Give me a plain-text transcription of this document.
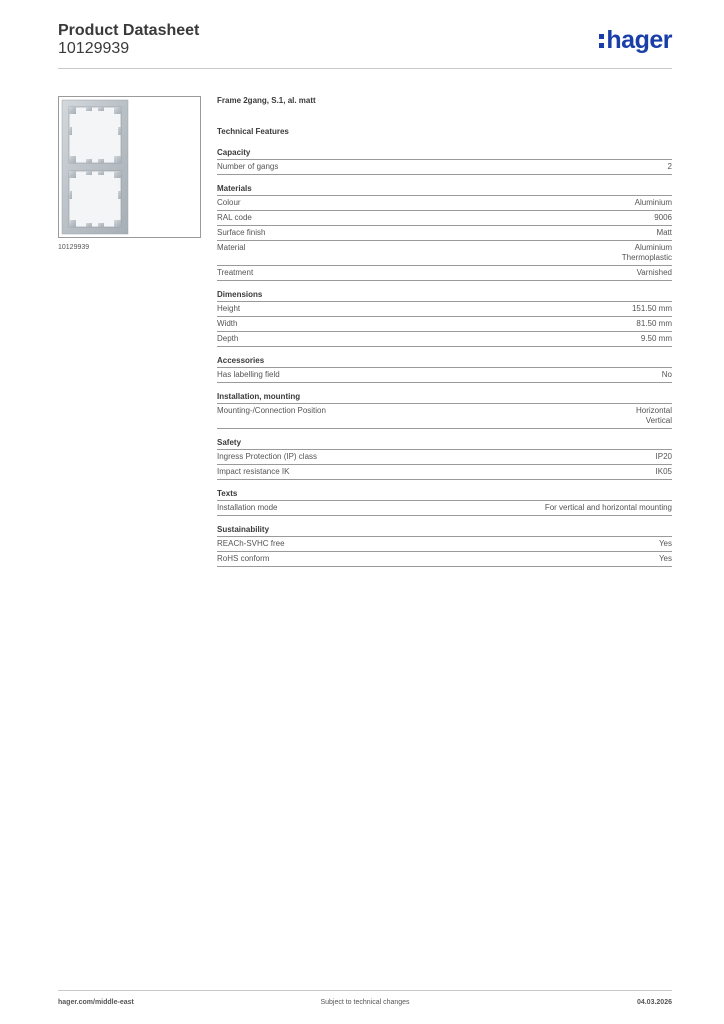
Product Datasheet
10129939	hager
10129939
Frame 2gang, S.1, al. matt
Technical Features
Capacity
Number of gangs	2
Materials
Colour	Aluminium
RAL code	9006
Surface finish	Matt
Material	Aluminium
Thermoplastic
Treatment	Varnished
Dimensions
Height	151.50 mm
Width	81.50 mm
Depth	9.50 mm
Accessories
Has labelling field	No
Installation, mounting
Mounting-/Connection Position	Horizontal
Vertical
Safety
Ingress Protection (IP) class	IP20
Impact resistance IK	IK05
Texts
Installation mode	For vertical and horizontal mounting
Sustainability
REACh-SVHC free	Yes
RoHS conform	Yes
hager.com/middle-east	Subject to technical changes	04.03.2026
